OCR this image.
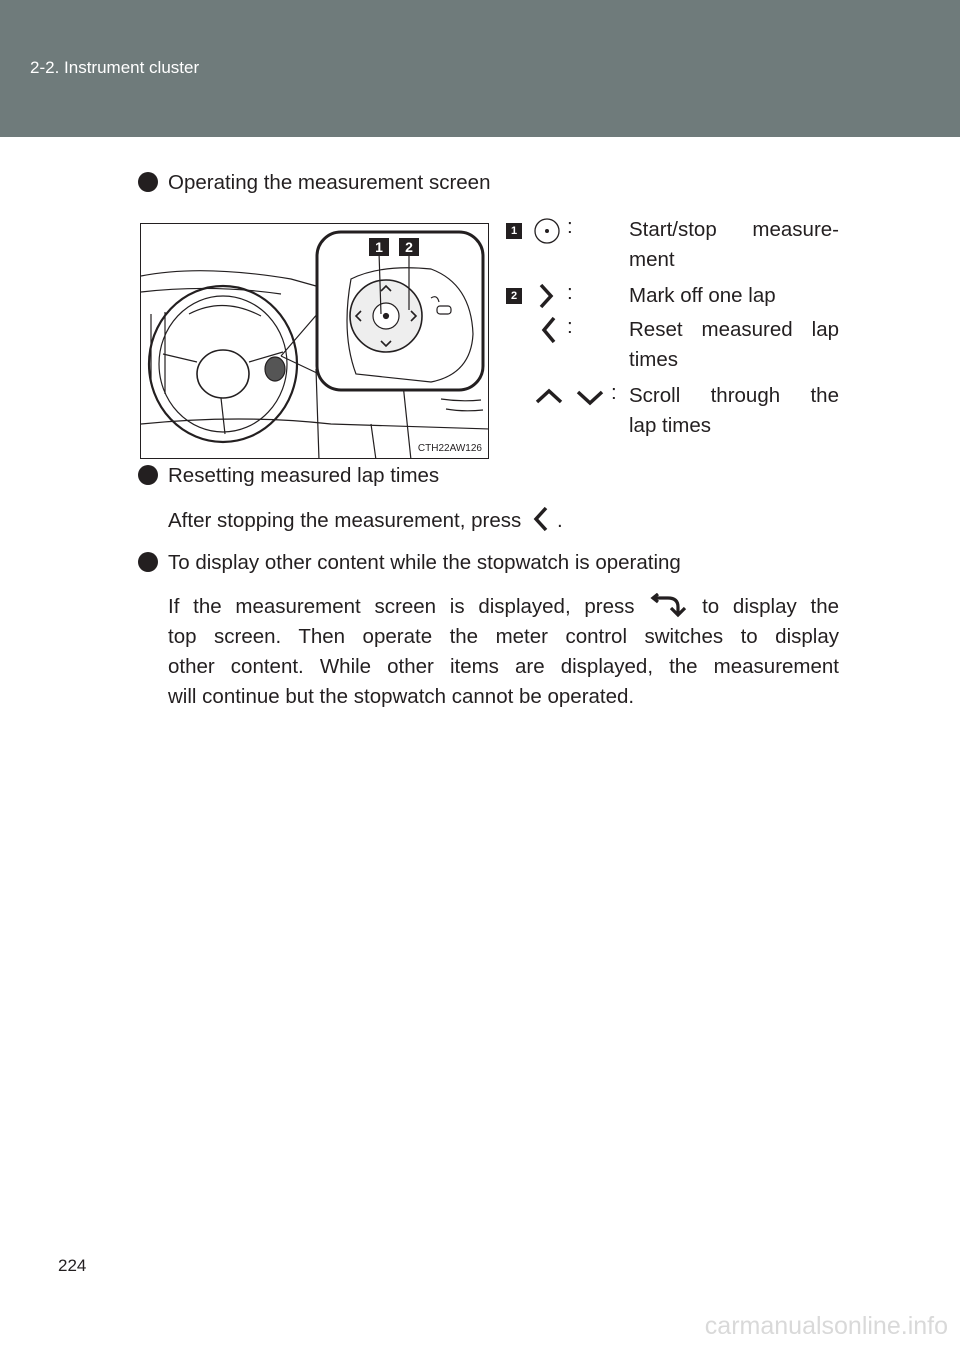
2-2. Instrument cluster
Operating the measurement screen
1 2
CTH22AW126
1 :	Start/stop measure-
ment
2 :	Mark off one lap
:	Reset measured lap
times
: Scroll through the
lap times
Resetting measured lap times
After stopping the measurement, press .
To display other content while the stopwatch is operating
If the measurement screen is displayed, press	to display the
top screen. Then operate the meter control switches to display
other content. While other items are displayed, the measurement
will continue but the stopwatch cannot be operated.
224
carmanualsonline.info
